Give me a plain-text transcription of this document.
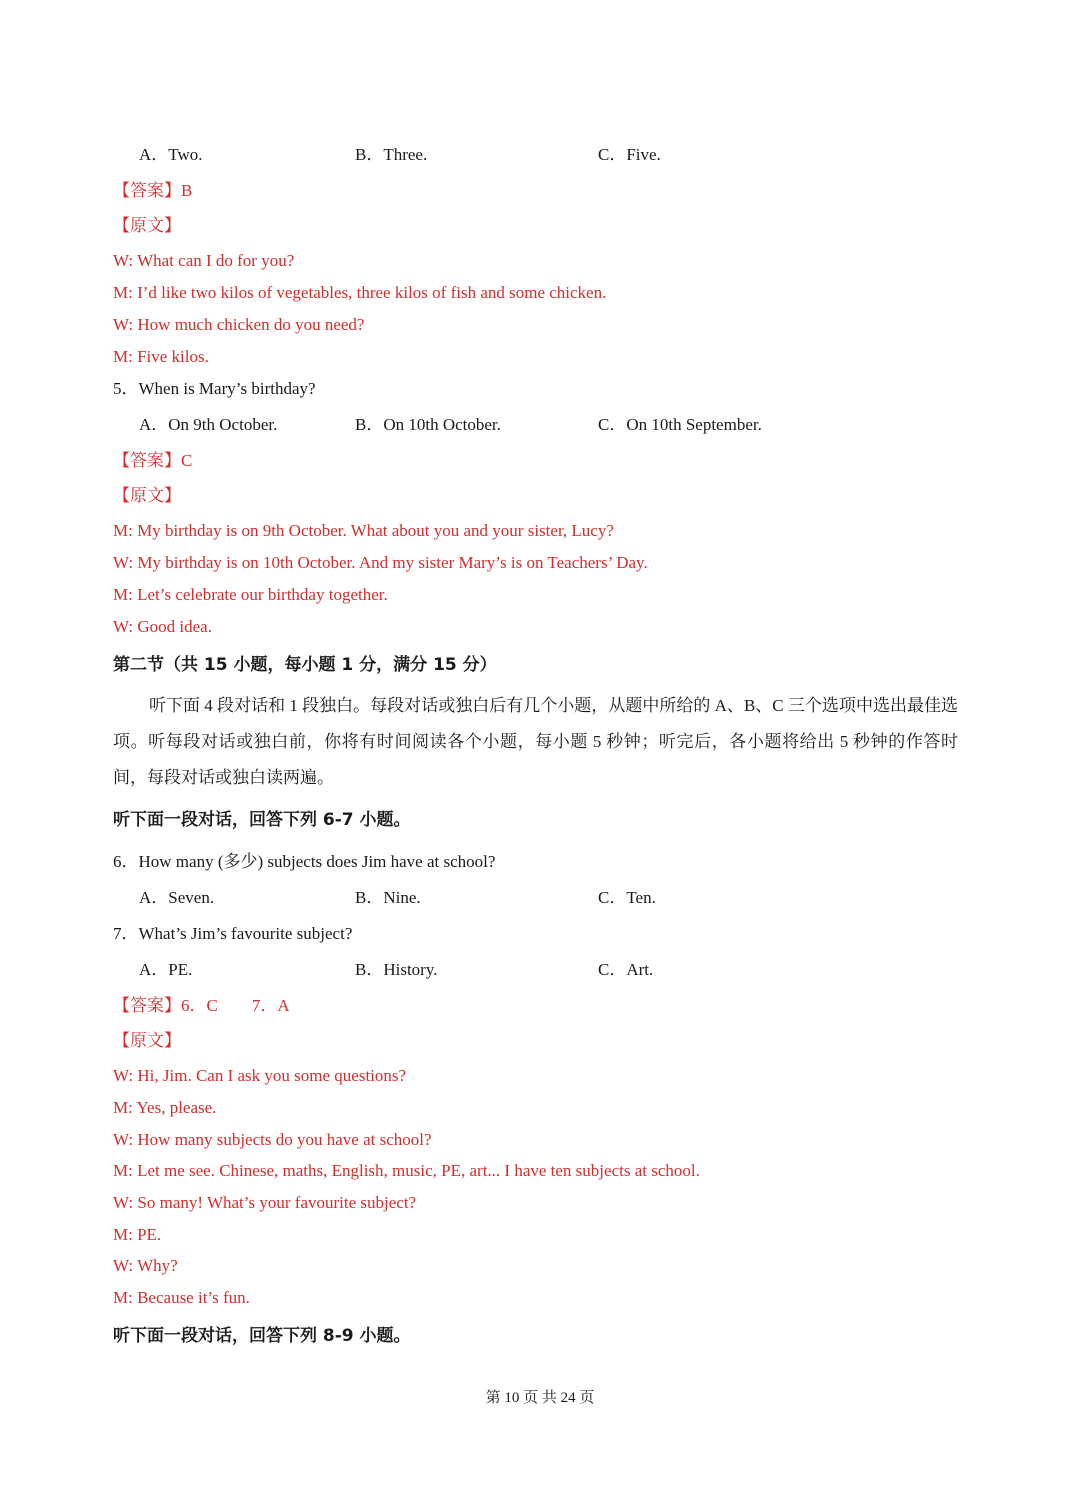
A．Two.	B．Three.	C．Five.
【答案】B
【原文】
W: What can I do for you?
M: I’d like two kilos of vegetables, three kilos of fish and some chicken.
W: How much chicken do you need?
M: Five kilos.
5．When is Mary’s birthday?
A．On 9th October.	B．On 10th October.	C．On 10th September.
【答案】C
【原文】
M: My birthday is on 9th October. What about you and your sister, Lucy?
W: My birthday is on 10th October. And my sister Mary’s is on Teachers’ Day.
M: Let’s celebrate our birthday together.
W: Good idea.
第二节（共 15 小题，每小题 1 分，满分 15 分）
听下面 4 段对话和 1 段独白。每段对话或独白后有几个小题，从题中所给的 A、B、C 三个选项中选出最佳选项。听每段对话或独白前，你将有时间阅读各个小题，每小题 5 秒钟；听完后，各小题将给出 5 秒钟的作答时间，每段对话或独白读两遍。
听下面一段对话，回答下列 6-7 小题。
6．How many (多少) subjects does Jim have at school?
A．Seven.	B．Nine.	C．Ten.
7．What’s Jim’s favourite subject?
A．PE.	B．History.	C．Art.
【答案】6．C 7．A
【原文】
W: Hi, Jim. Can I ask you some questions?
M: Yes, please.
W: How many subjects do you have at school?
M: Let me see. Chinese, maths, English, music, PE, art... I have ten subjects at school.
W: So many! What’s your favourite subject?
M: PE.
W: Why?
M: Because it’s fun.
听下面一段对话，回答下列 8-9 小题。
第 10 页 共 24 页
